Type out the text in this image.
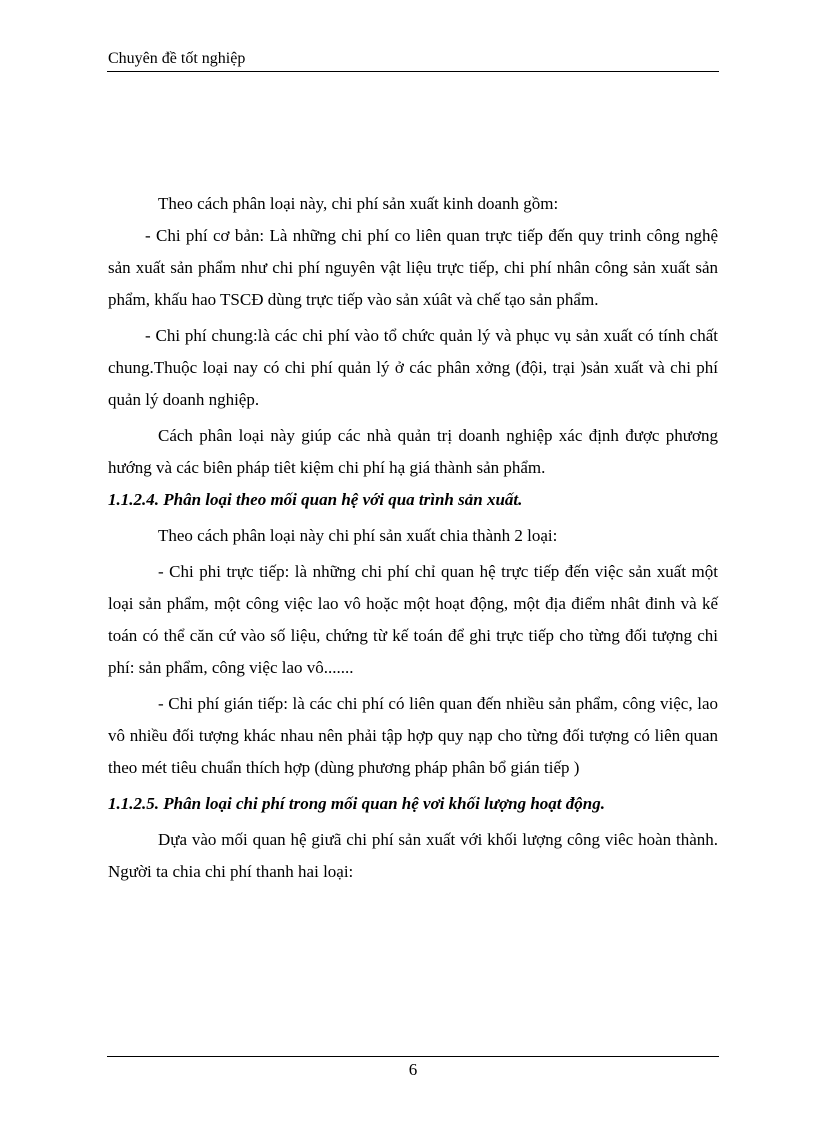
Chuyên đề tốt nghiệp

Theo cách phân loại này, chi phí sản xuất kinh doanh gồm:

- Chi phí cơ bản: Là những chi phí co liên quan trực tiếp đến quy trinh công nghệ sản xuất sản phẩm như chi phí nguyên vật liệu trực tiếp, chi phí nhân công sản xuất sản phẩm, khấu hao TSCĐ dùng trực tiếp vào sản xúât và chế tạo sản phẩm.

- Chi phí chung:là các chi phí vào tổ chức quản lý và phục vụ sản xuất có tính chất chung.Thuộc loại nay có chi phí quản lý ở các phân xởng (đội, trại )sản xuất và chi phí quản lý doanh nghiệp.

Cách phân loại này giúp các nhà quản trị doanh nghiệp xác định được phương hướng và các biên pháp tiêt kiệm chi phí hạ giá thành sản phẩm.

1.1.2.4. Phân loại theo mối quan hệ với qua trình sản xuất.

Theo cách phân loại này chi phí sản xuất chia thành 2 loại:

- Chi phi trực tiếp: là những chi phí chỉ quan hệ trực tiếp đến việc sản xuất một loại sản phẩm, một công việc lao vô hoặc một hoạt động, một địa điểm nhât đinh và kế toán có thể căn cứ vào số liệu, chứng từ kế toán để ghi trực tiếp cho từng đối tượng chi phí: sản phẩm, công việc lao vô.......

- Chi phí gián tiếp: là các chi phí có liên quan đến nhiều sản phẩm, công việc, lao vô nhiều đối tượng khác nhau nên phải tập hợp quy nạp cho từng đối tượng có liên quan theo mét tiêu chuẩn thích hợp (dùng phương pháp phân bổ gián tiếp )

1.1.2.5. Phân loại chi phí trong mối quan hệ vơi khối lượng hoạt động.

Dựa vào mối quan hệ giưã chi phí sản xuất với khối lượng công viêc hoàn thành. Người ta chia chi phí thanh hai loại:

6
